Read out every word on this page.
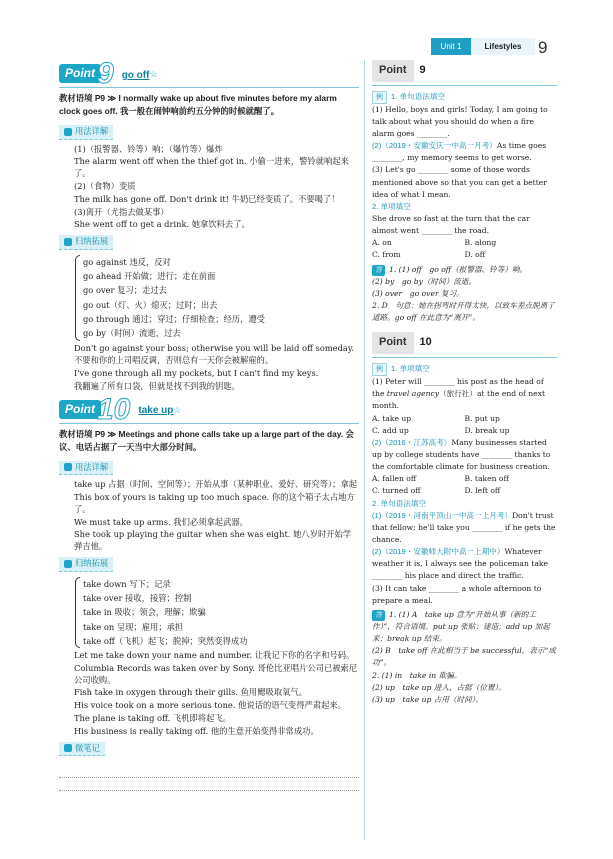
Unit 1	Lifestyles 9
Point 9 go off ☆
教材语境 P9 ≫ I normally wake up about five minutes before my alarm clock goes off. 我一般在闹钟响前约五分钟的时候就醒了。
用法详解

(1)（报警器、铃等）响；（爆竹等）爆炸

The alarm went off when the thief got in. 小偷一进来，警铃就响起来了。

(2)（食物）变质

The milk has gone off. Don't drink it! 牛奶已经变质了。不要喝了！

(3)离开（尤指去做某事）

She went off to get a drink. 她拿饮料去了。

归纳拓展
go against 违反，反对
go ahead 开始做；进行；走在前面
go over 复习；走过去
go out（灯、火）熄灭；过时；出去
go through 通过；穿过；仔细检查；经历，遭受
go by（时间）流逝，过去

Don't go against your boss; otherwise you will be laid off someday.

不要和你的上司唱反调，否则总有一天你会被解雇的。

I've gone through all my pockets, but I can't find my keys.

我翻遍了所有口袋，但就是找不到我的钥匙。

Point 10 take up ☆
教材语境 P9 ≫ Meetings and phone calls take up a large part of the day. 会议、电话占据了一天当中大部分时间。
用法详解

take up 占据（时间、空间等）；开始从事（某种职业、爱好、研究等）；拿起

This box of yours is taking up too much space. 你的这个箱子太占地方了。

We must take up arms. 我们必须拿起武器。

She took up playing the guitar when she was eight. 她八岁时开始学弹吉他。

归纳拓展
take down 写下；记录
take over 接收，接管；控制
take in 吸收；领会，理解；欺骗
take on 呈现；雇用；承担
take off（飞机）起飞；脱掉；突然变得成功

Let me take down your name and number. 让我记下你的名字和号码。

Columbia Records was taken over by Sony. 哥伦比亚唱片公司已被索尼公司收购。

Fish take in oxygen through their gills. 鱼用鳃吸取氧气。

His voice took on a more serious tone. 他说话的语气变得严肃起来。

The plane is taking off. 飞机即将起飞。

His business is really taking off. 他的生意开始变得非常成功。

微笔记
Point	9
例 1. 单句语法填空

(1) Hello, boys and girls! Today, I am going to talk about what you should do when a fire alarm goes ________.

(2)（2019・安徽安庆一中高一月考）As time goes ________, my memory seems to get worse.

(3) Let's go ________ some of those words mentioned above so that you can get a better idea of what I mean.

2. 单项填空

She drove so fast at the turn that the car almost went ________ the road.

A. on	B. along
C. from	D. off

答 1. (1) off　go off（报警器、铃等）响。

(2) by　go by（时间）流逝。

(3) over　go over 复习。

2. D　句意：她在拐弯时开得太快，以致车差点脱离了道路。go off 在此意为“离开”。

Point	10
例 1. 单项填空

(1) Peter will ________ his post as the head of the travel agency（旅行社）at the end of next month.

A. take up	B. put up
C. add up	D. break up

(2)（2016・江苏高考）Many businesses started up by college students have ________ thanks to the comfortable climate for business creation.

A. fallen off	B. taken off
C. turned off	D. left off
2. 单句语法填空

(1)（2019・河南平顶山一中高一上月考）Don't trust that fellow; he'll take you ________ if he gets the chance.

(2)（2019・安徽师大附中高一上期中）Whatever weather it is, I always see the policeman take ________ his place and direct the traffic.

(3) It can take ________ a whole afternoon to prepare a meal.

答 1. (1) A　take up 意为“开始从事（新的工作）”，符合语境。put up 张贴；建造；add up 加起来；break up 结束。

(2) B　take off 在此相当于 be successful，表示“成功”。

2. (1) in　take in 欺骗。

(2) up　take up 进入，占据（位置）。

(3) up　take up 占用（时间）。
